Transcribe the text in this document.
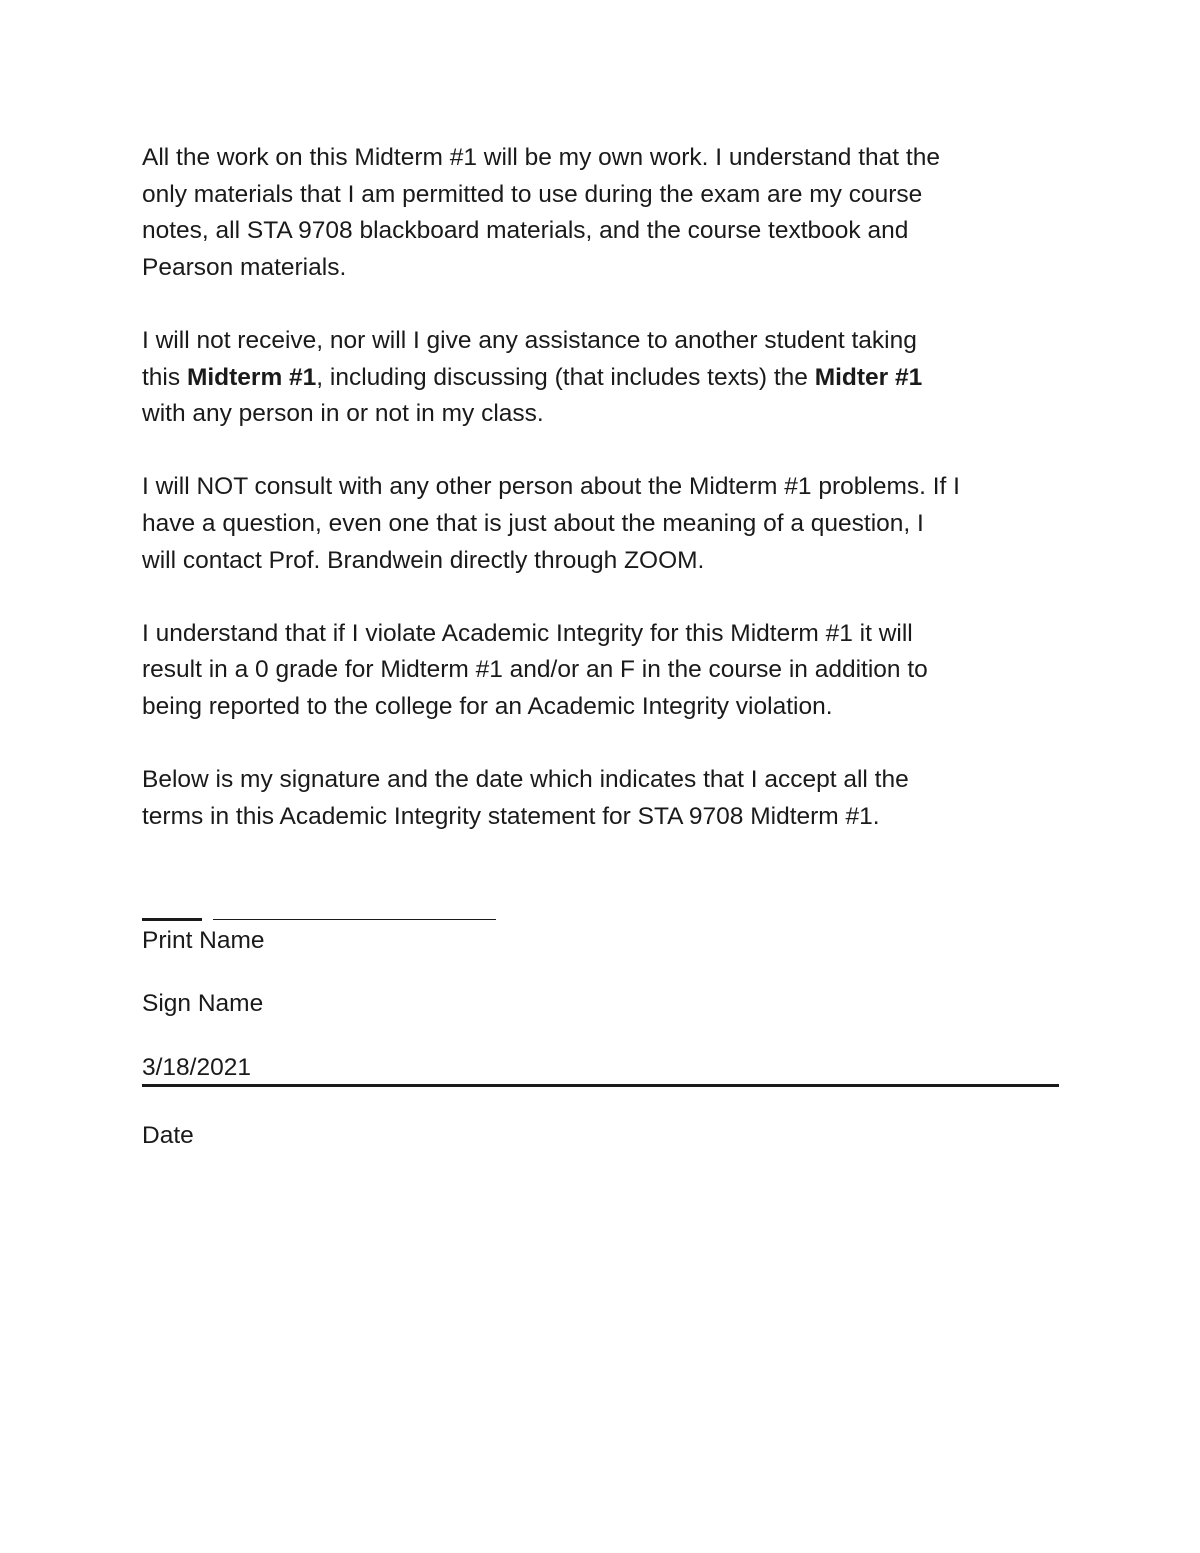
All the work on this Midterm #1 will be my own work. I understand that the
only materials that I am permitted to use during the exam are my course
notes, all STA 9708 blackboard materials, and the course textbook and
Pearson materials.

I will not receive, nor will I give any assistance to another student taking
this Midterm #1, including discussing (that includes texts) the Midter #1
with any person in or not in my class.

I will NOT consult with any other person about the Midterm #1 problems. If I
have a question, even one that is just about the meaning of a question, I
will contact Prof. Brandwein directly through ZOOM.

I understand that if I violate Academic Integrity for this Midterm #1 it will
result in a 0 grade for Midterm #1 and/or an F in the course in addition to
being reported to the college for an Academic Integrity violation.

Below is my signature and the date which indicates that I accept all the
terms in this Academic Integrity statement for STA 9708 Midterm #1.

Print Name
Sign Name
3/18/2021
Date
